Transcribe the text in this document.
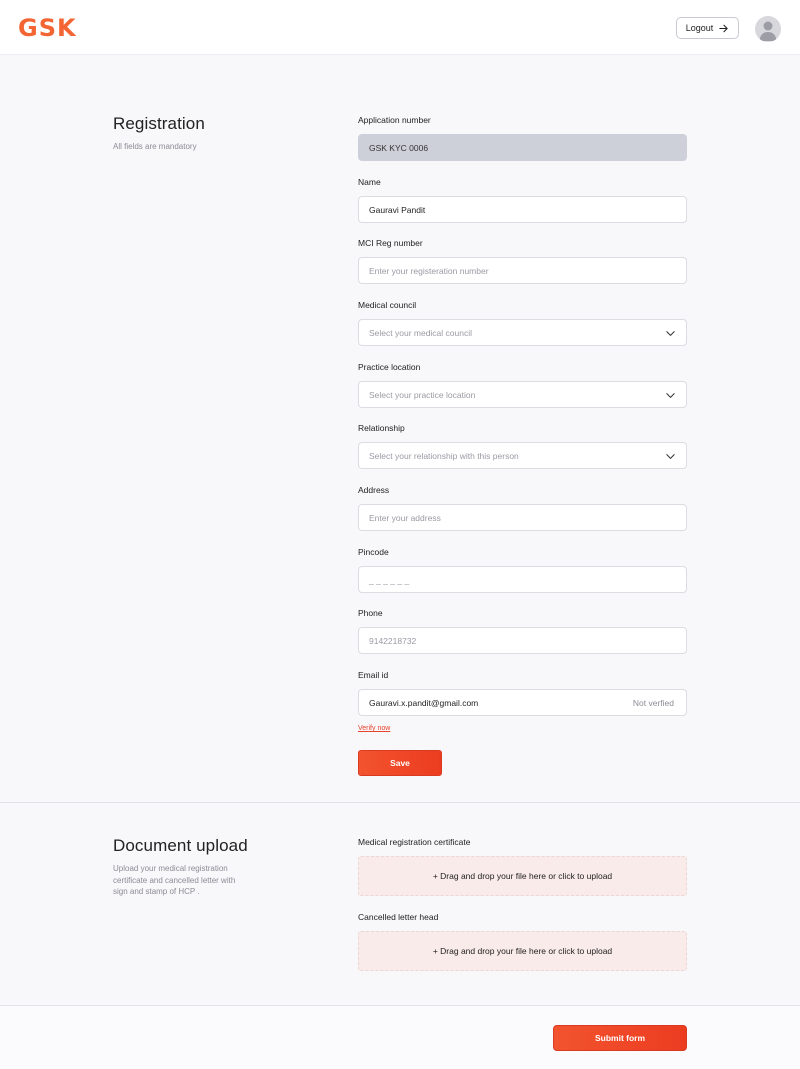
GSK	Logout
Registration
All fields are mandatory
Application number
GSK KYC 0006
Name
Gauravi Pandit
MCI Reg number
Enter your registeration number
Medical council
Select your medical council
Practice location
Select your practice location
Relationship
Select your relationship with this person
Address
Enter your address
Pincode
_ _ _ _ _ _
Phone
9142218732
Email id
Gauravi.x.pandit@gmail.com	Not verfied
Verify now
Save
Document upload
Upload your medical registration
certificate and cancelled letter with
sign and stamp of HCP .
Medical registration certificate
+ Drag and drop your file here or click to upload
Cancelled letter head
+ Drag and drop your file here or click to upload
Submit form
